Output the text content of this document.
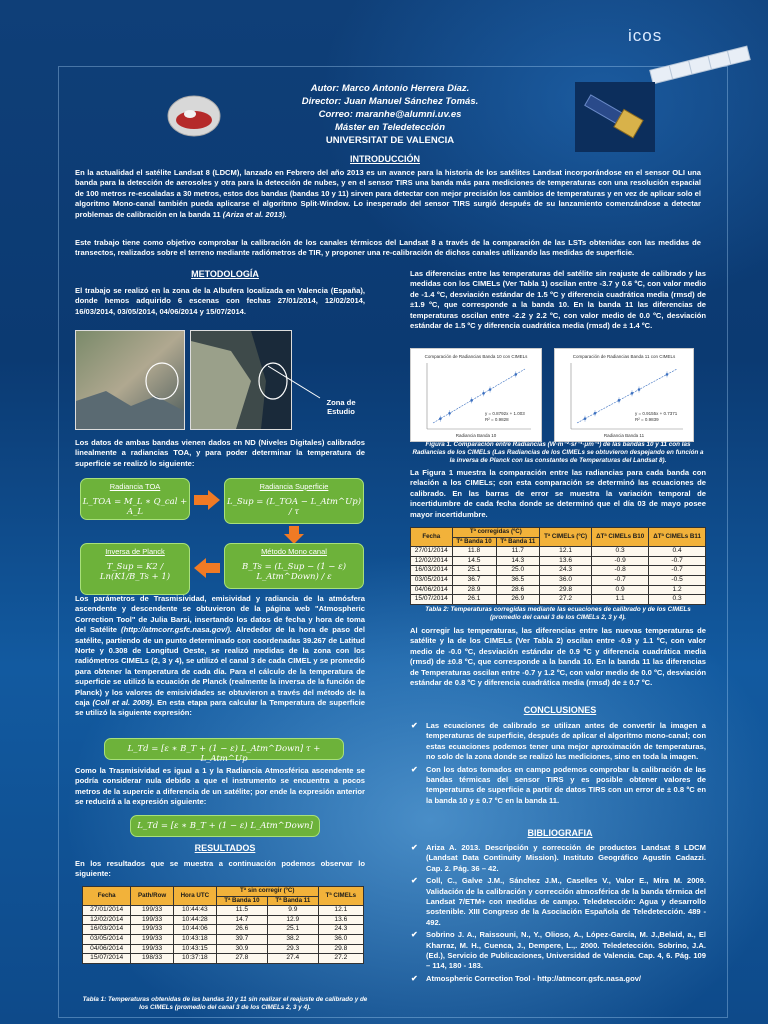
icos
Autor: Marco Antonio Herrera Díaz.
Director: Juan Manuel Sánchez Tomás.
Correo: maranhe@alumni.uv.es
Máster en Teledetección
UNIVERSITAT DE VALENCIA
INTRODUCCIÓN
En la actualidad el satélite Landsat 8 (LDCM), lanzado en Febrero del año 2013 es un avance para la historia de los satélites Landsat incorporándose en el sensor OLI una banda para la detección de aerosoles y otra para la detección de nubes, y en el sensor TIRS una banda más para mediciones de temperaturas con una resolución espacial de 100 metros re-escaladas a 30 metros, estos dos bandas (bandas 10 y 11) sirven para detectar con mejor precisión los cambios de temperaturas y en vez de aplicar solo el algoritmo Mono-canal también pueda aplicarse el algoritmo Split-Window. Lo inesperado del sensor TIRS surgió después de su lanzamiento comenzándose a detectar problemas de calibración en la banda 11 (Ariza et al. 2013).
Este trabajo tiene como objetivo comprobar la calibración de los canales térmicos del Landsat 8 a través de la comparación de las LSTs obtenidas con las medidas de transectos, realizados sobre el terreno mediante radiómetros de TIR, y proponer una re-calibración de dichos canales utilizando las medidas de superficie.
METODOLOGÍA
El trabajo se realizó en la zona de la Albufera localizada en Valencia (España), donde hemos adquirido 6 escenas con fechas 27/01/2014, 12/02/2014, 16/03/2014, 03/05/2014, 04/06/2014 y 15/07/2014.
Zona de Estudio
Los datos de ambas bandas vienen dados en ND (Niveles Digitales) calibrados linealmente a radiancias TOA, y para poder determinar la temperatura de superficie se realizó lo siguiente:
Radiancia TOA
L_TOA = M_L ∗ Q_cal + A_L
Radiancia Superficie
L_Sup = (L_TOA − L_Atm^Up) / τ
Inversa de Planck
T_Sup = K2 / Ln(K1/B_Ts + 1)
Método Mono canal
B_Ts = (L_Sup − (1 − ε) L_Atm^Down) / ε
Los parámetros de Trasmisividad, emisividad y radiancia de la atmósfera ascendente y descendente se obtuvieron de la página web "Atmospheric Correction Tool" de Julia Barsi, insertando los datos de fecha y hora de toma del Satélite (http://atmcorr.gsfc.nasa.gov/). Alrededor de la hora de paso del satélite, partiendo de un punto determinado con coordenadas 39.267 de Latitud Norte y 0.308 de Longitud Oeste, se realizó medidas de la zona con los radiómetros CIMELs (2, 3 y 4), se utilizó el canal 3 de cada CIMEL y se promedió para obtener la temperatura de cada día. Para el cálculo de la temperatura de superficie se utilizó la ecuación de Planck (realmente la inversa de la función de Planck) y los valores de emisividades se obtuvieron a través del método de la caja (Coll et al. 2009). En esta etapa para calcular la Temperatura de superficie se utilizó la siguiente expresión:
L_Td = [ε ∗ B_T + (1 − ε) L_Atm^Down] τ + L_Atm^Up
Como la Trasmisividad es igual a 1 y la Radiancia Atmosférica ascendente se podría considerar nula debido a que el instrumento se encuentra a pocos metros de la supercie a diferencia de un satélite; por ende la expresión anterior se reducirá a la expresión siguiente:
L_Td = [ε ∗ B_T + (1 − ε) L_Atm^Down]
RESULTADOS
En los resultados que se muestra a continuación podemos observar lo siguiente:
Fecha	Path/Row	Hora UTC	Tª sin corregir (ºC)		Tª CIMELs
			Tª Banda 10	Tª Banda 11	
27/01/2014	199/33	10:44:43	11.5	9.9	12.1
12/02/2014	199/33	10:44:28	14.7	12.9	13.6
16/03/2014	199/33	10:44:06	26.6	25.1	24.3
03/05/2014	199/33	10:43:18	39.7	38.2	36.0
04/06/2014	199/33	10:43:15	30.9	29.3	29.8
15/07/2014	198/33	10:37:18	27.8	27.4	27.2
Tabla 1: Temperaturas obtenidas de las bandas 10 y 11 sin realizar el reajuste de calibrado y de los CIMELs (promedio del canal 3 de los CIMELs 2, 3 y 4).
Las diferencias entre las temperaturas del satélite sin reajuste de calibrado y las medidas con los CIMELs (Ver Tabla 1) oscilan entre -3.7 y 0.6 ºC, con valor medio de -1.4 ºC, desviación estándar de 1.5 ºC y diferencia cuadrática media (rmsd) de ±1.9 ºC, que corresponde a la banda 10. En la banda 11 las diferencias de temperaturas oscilan entre -2.2 y 2.2 ºC, con valor medio de 0.0 ºC, desviación estándar de 1.5 ºC y diferencia cuadrática media (rmsd) de ± 1.4 ºC.
Comparación de Radiancias Banda 10 con CIMELs
y = 0.8792x + 1.003
R² = 0.9828
Radiancia Banda 10
Comparación de Radiancias Banda 11 con CIMELs
y = 0.9155x + 0.7371
R² = 0.9839
Radiancia Banda 11
Figura 1. Comparación entre Radiancias (W·m⁻²·sr⁻¹·μm⁻¹) de las bandas 10 y 11 con las Radiancias de los CIMELs (Las Radiancias de los CIMELs se obtuvieron despejando en función a la inversa de Planck con las constantes de Temperaturas del Landsat 8).
La Figura 1 muestra la comparación entre las radiancias para cada banda con relación a los CIMELs; con esta comparación se determinó las ecuaciones de calibrado. En las barras de error se muestra la variación temporal de incertidumbre de cada fecha donde se determinó que el día 03 de mayo posee mayor incertidumbre.
Fecha	Tª corregidas (ºC)		Tª CIMELs (ºC)	ΔTª CIMELs B10	ΔTª CIMELs B11
	Tª Banda 10	Tª Banda 11			
27/01/2014	11.8	11.7	12.1	0.3	0.4
12/02/2014	14.5	14.3	13.6	-0.9	-0.7
16/03/2014	25.1	25.0	24.3	-0.8	-0.7
03/05/2014	36.7	36.5	36.0	-0.7	-0.5
04/06/2014	28.9	28.6	29.8	0.9	1.2
15/07/2014	26.1	26.9	27.2	1.1	0.3
Tabla 2: Temperaturas corregidas mediante las ecuaciones de calibrado y de los CIMELs (promedio del canal 3 de los CIMELs 2, 3 y 4).
Al corregir las temperaturas, las diferencias entre las nuevas temperaturas de satélite y la de los CIMELs (Ver Tabla 2) oscilan entre -0.9 y 1.1 ºC, con valor medio de -0.0 ºC, desviación estándar de 0.9 ºC y diferencia cuadrática media (rmsd) de ±0.8 ºC, que corresponde a la banda 10. En la banda 11 las diferencias de Temperaturas oscilan entre -0.7 y 1.2 ºC, con valor medio de 0.0 ºC, desviación estándar de 0.8 ºC y diferencia cuadrática media (rmsd) de ± 0.7 ºC.
CONCLUSIONES
✔ Las ecuaciones de calibrado se utilizan antes de convertir la imagen a temperaturas de superficie, después de aplicar el algoritmo mono-canal; con estas ecuaciones podemos tener una mejor aproximación de temperaturas, no solo de la zona donde se realizó las mediciones, sino en toda la imagen.
✔ Con los datos tomados en campo podemos comprobar la calibración de las bandas térmicas del sensor TIRS y es posible obtener valores de temperaturas de superficie a partir de datos TIRS con un error de ± 0.8 ºC en la banda 10 y ± 0.7 ºC en la banda 11.
BIBLIOGRAFIA
✔ Ariza A. 2013. Descripción y corrección de productos Landsat 8 LDCM (Landsat Data Continuity Mission). Instituto Geográfico Agustín Cadazzi. Cap. 2. Pág. 36 – 42.
✔ Coll, C., Galve J.M., Sánchez J.M., Caselles V., Valor E., Mira M. 2009. Validación de la calibración y corrección atmosférica de la banda térmica del Landsat 7/ETM+ con medidas de campo. Teledetección: Agua y desarrollo sostenible. XIII Congreso de la Asociación Española de Teledetección. 489 - 492.
✔ Sobrino J. A., Raissouni, N., Y., Olioso, A., López-García, M. J.,Belaid, a., El Kharraz, M. H., Cuenca, J., Dempere, L.,. 2000. Teledetección. Sobrino, J.A. (Ed.), Servicio de Publicaciones, Universidad de Valencia. Cap. 4, 6. Pág. 109 – 114, 180 - 183.
✔ Atmospheric Correction Tool - http://atmcorr.gsfc.nasa.gov/
